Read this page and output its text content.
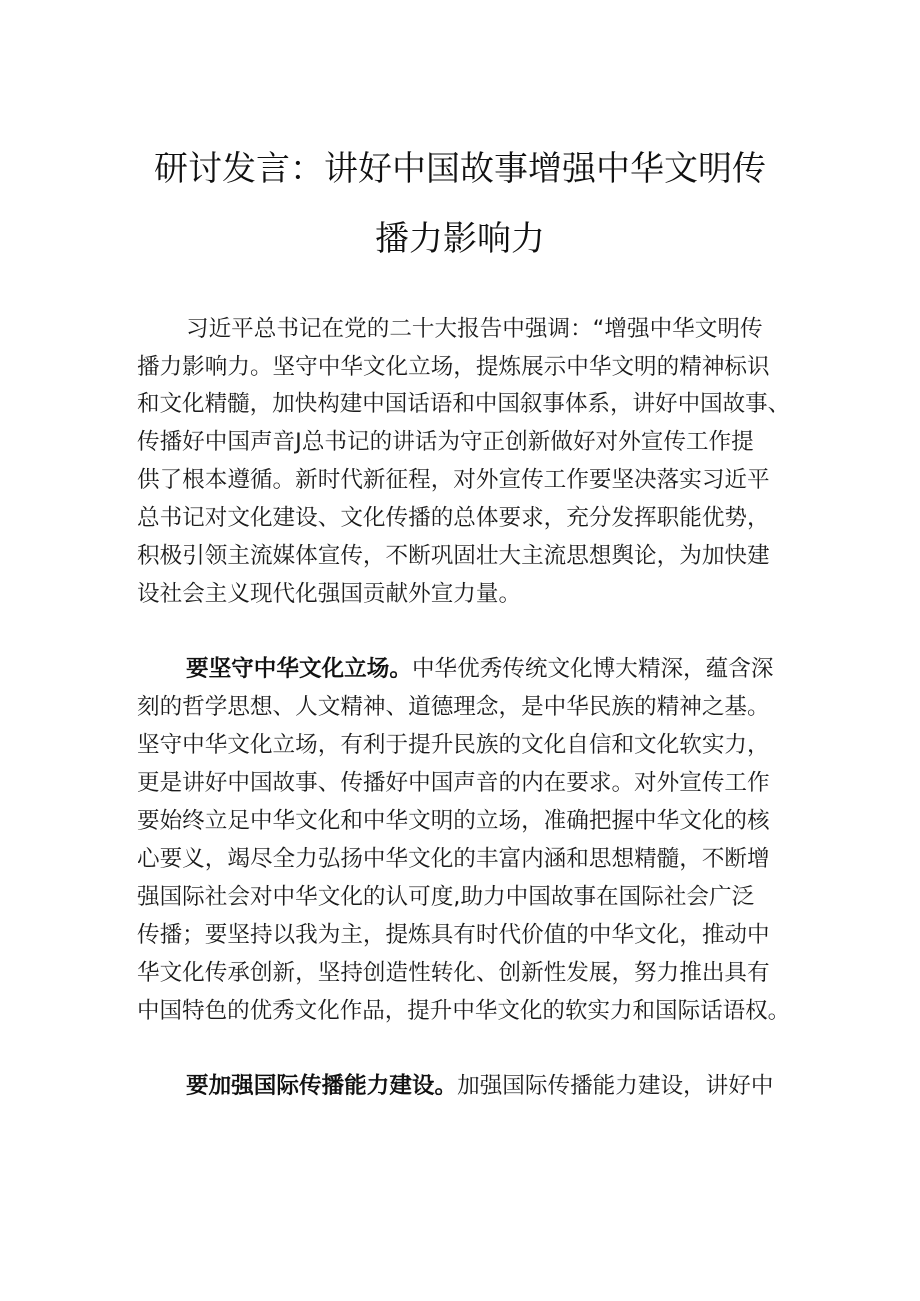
研讨发言：讲好中国故事增强中华文明传
播力影响力
习近平总书记在党的二十大报告中强调：“增强中华文明传
播力影响力。坚守中华文化立场，提炼展示中华文明的精神标识
和文化精髓，加快构建中国话语和中国叙事体系，讲好中国故事、
传播好中国声音J总书记的讲话为守正创新做好对外宣传工作提
供了根本遵循。新时代新征程，对外宣传工作要坚决落实习近平
总书记对文化建设、文化传播的总体要求，充分发挥职能优势，
积极引领主流媒体宣传，不断巩固壮大主流思想舆论，为加快建
设社会主义现代化强国贡献外宣力量。
要坚守中华文化立场。中华优秀传统文化博大精深，蕴含深
刻的哲学思想、人文精神、道德理念，是中华民族的精神之基。
坚守中华文化立场，有利于提升民族的文化自信和文化软实力，
更是讲好中国故事、传播好中国声音的内在要求。对外宣传工作
要始终立足中华文化和中华文明的立场，准确把握中华文化的核
心要义，竭尽全力弘扬中华文化的丰富内涵和思想精髓，不断增
强国际社会对中华文化的认可度,助力中国故事在国际社会广泛
传播；要坚持以我为主，提炼具有时代价值的中华文化，推动中
华文化传承创新，坚持创造性转化、创新性发展，努力推出具有
中国特色的优秀文化作品，提升中华文化的软实力和国际话语权。
要加强国际传播能力建设。加强国际传播能力建设，讲好中
